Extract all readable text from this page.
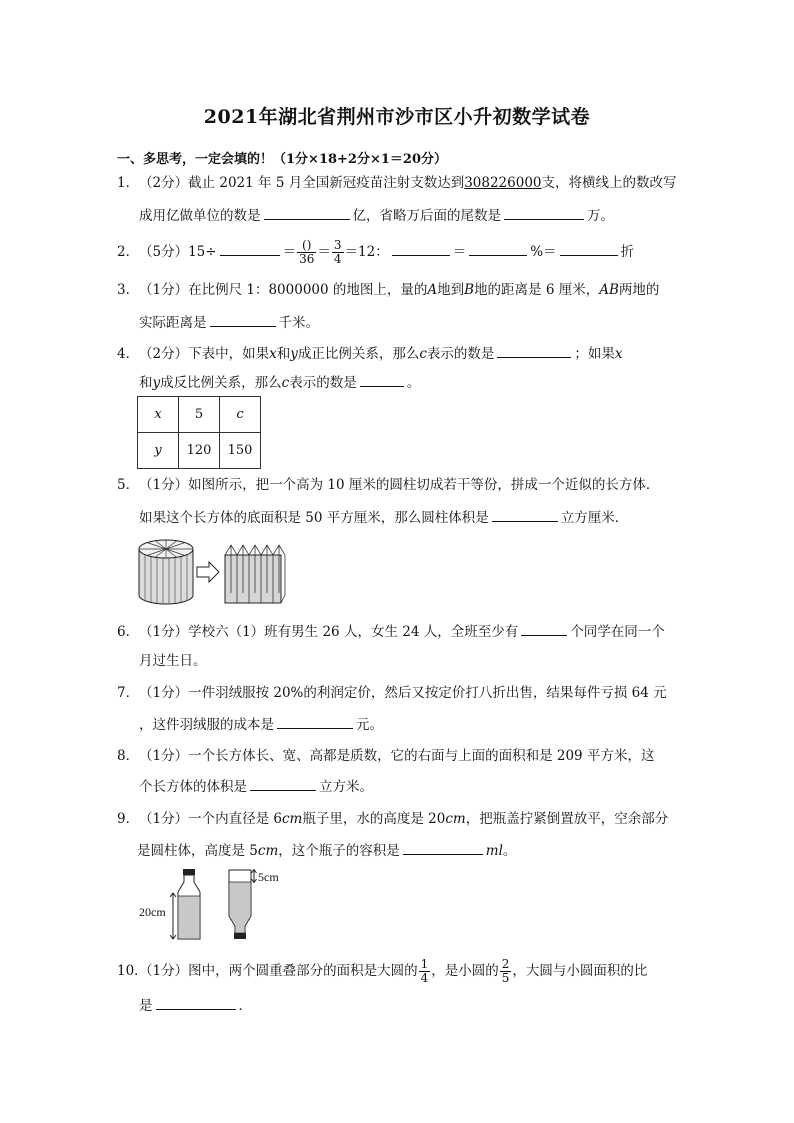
2021年湖北省荆州市沙市区小升初数学试卷
一、多思考，一定会填的！（1分×18+2分×1＝20分）
1．（2分）截止 2021 年 5 月全国新冠疫苗注射支数达到308226000支，将横线上的数改写
成用亿做单位的数是	亿，省略万后面的尾数是	万。
2．（5分）15÷	＝ $\frac{()}{36} = \frac{3}{4} =12$：	＝	%＝	折
3．（1分）在比例尺 1：8000000 的地图上，量的A地到B地的距离是 6 厘米，AB两地的
实际距离是	千米。
4．（2分）下表中，如果x和y成正比例关系，那么c表示的数是	；如果x
和y成反比例关系，那么c表示的数是	。
x	5	c
y	120	150
5．（1分）如图所示，把一个高为 10 厘米的圆柱切成若干等份，拼成一个近似的长方体．
如果这个长方体的底面积是 50 平方厘米，那么圆柱体积是	立方厘米．
6．（1分）学校六（1）班有男生 26 人，女生 24 人，全班至少有	个同学在同一个
月过生日。
7．（1分）一件羽绒服按 20%的利润定价，然后又按定价打八折出售，结果每件亏损 64 元
，这件羽绒服的成本是	元。
8．（1分）一个长方体长、宽、高都是质数，它的右面与上面的面积和是 209 平方米，这
个长方体的体积是	立方米。
9．（1分）一个内直径是 6cm瓶子里，水的高度是 20cm，把瓶盖拧紧倒置放平，空余部分
是圆柱体，高度是 5cm，这个瓶子的容积是	ml。
20cm
5cm
10．（1分）图中，两个圆重叠部分的面积是大圆的 $\frac{1}{4}$ ，是小圆的 $\frac{2}{5}$ ，大圆与小圆面积的比
是	．
